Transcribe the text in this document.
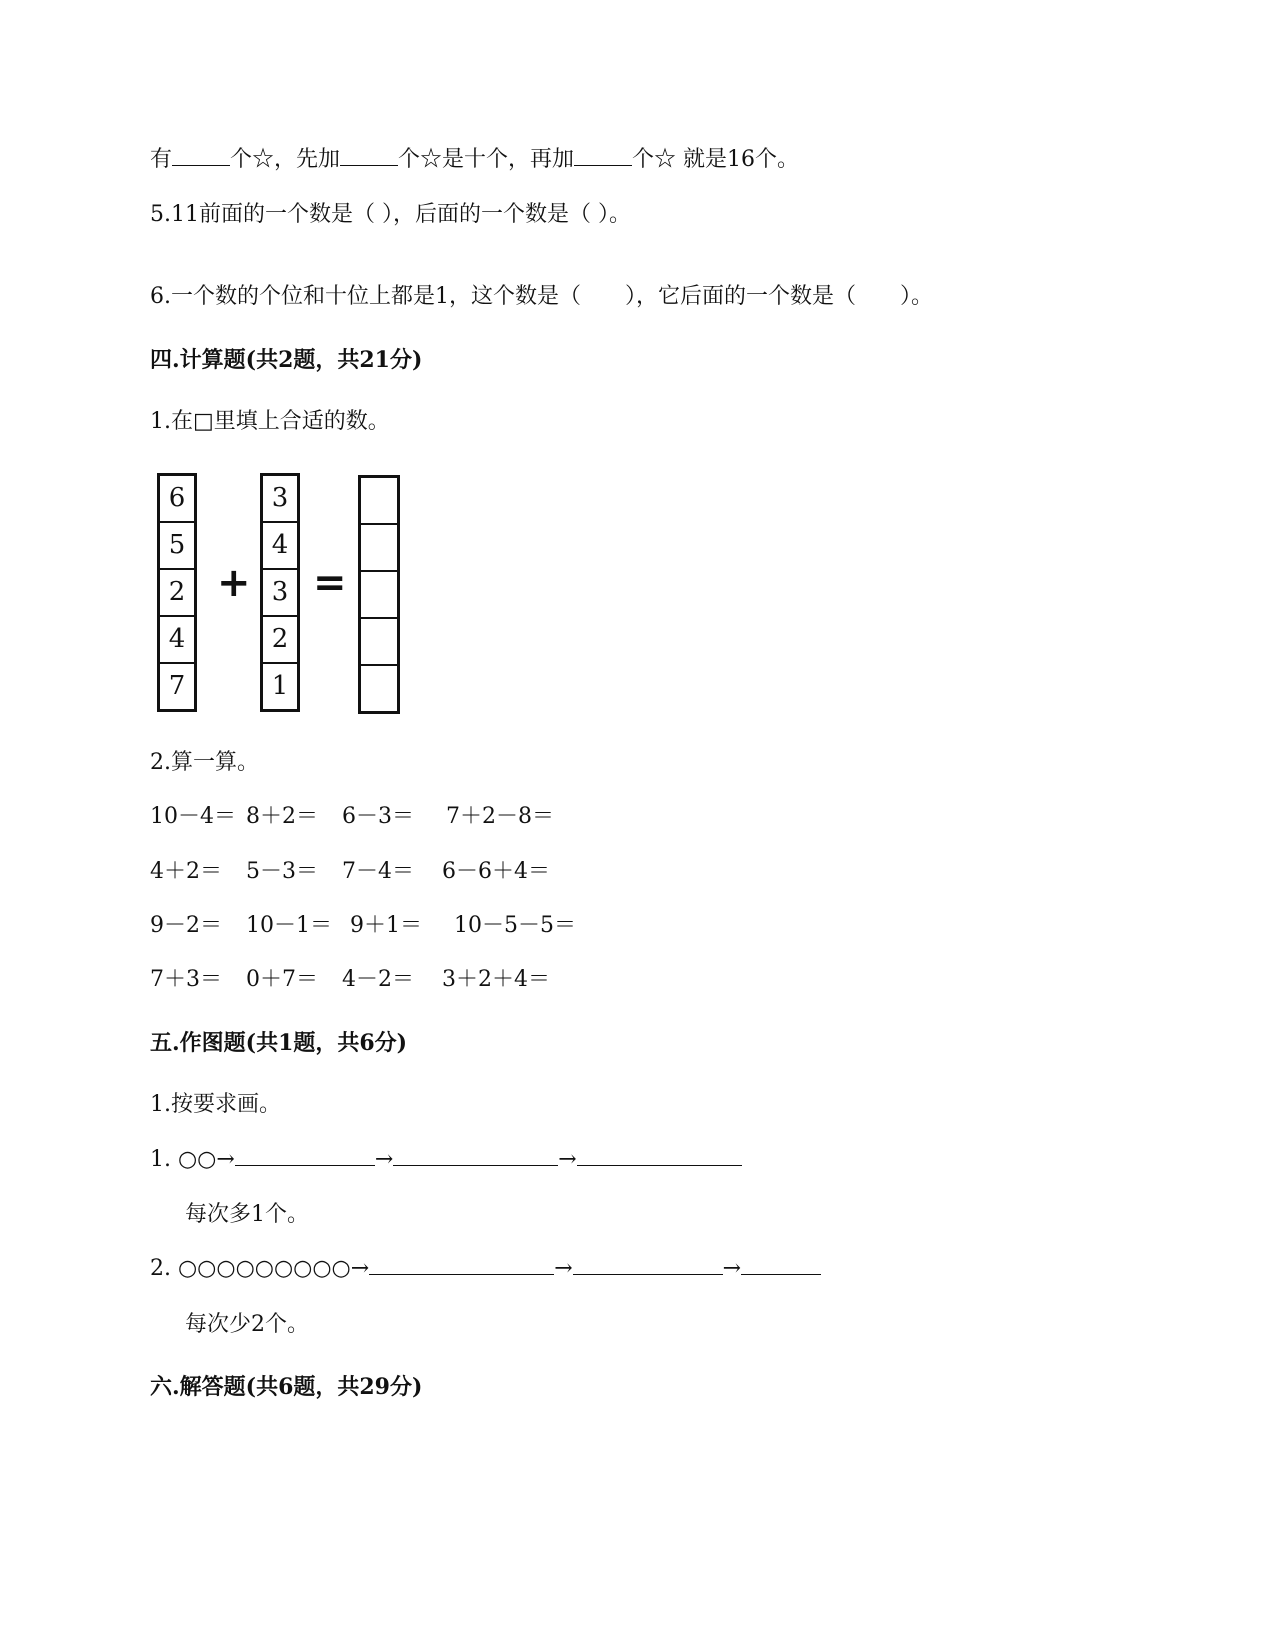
有	个☆，先加	个☆是十个，再加	个☆ 就是16个。
5.11前面的一个数是（ ），后面的一个数是（ ）。
6.一个数的个位和十位上都是1，这个数是（　　），它后面的一个数是（　　）。
四.计算题(共2题，共21分)
1.在□里填上合适的数。
6
5
2
4
7
+
3
4
3
2
1
=
2.算一算。
10－4＝ 8＋2＝ 6－3＝ 7＋2－8＝
4＋2＝ 5－3＝ 7－4＝ 6－6＋4＝
9－2＝ 10－1＝ 9＋1＝ 10－5－5＝
7＋3＝ 0＋7＝ 4－2＝ 3＋2＋4＝
五.作图题(共1题，共6分)
1.按要求画。
1. ○○→	→	→
每次多1个。
2. ○○○○○○○○○→	→	→
每次少2个。
六.解答题(共6题，共29分)
